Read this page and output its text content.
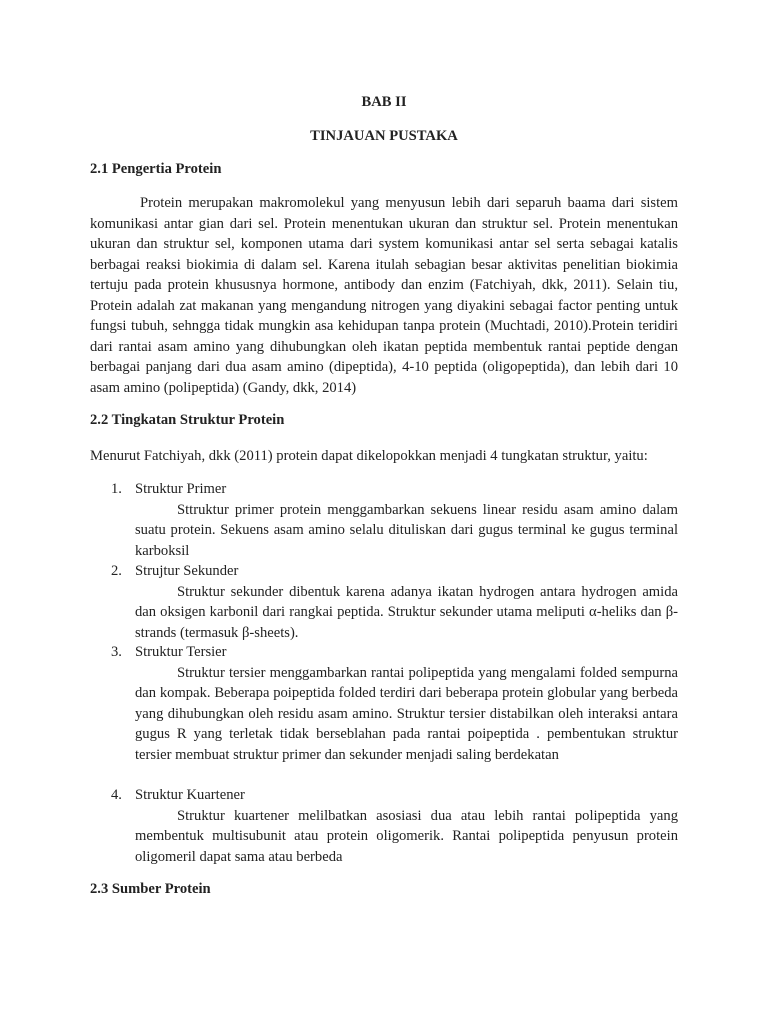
BAB II
TINJAUAN PUSTAKA
2.1 Pengertia Protein

Protein merupakan makromolekul yang menyusun lebih dari separuh baama dari sistem komunikasi antar gian dari sel. Protein menentukan ukuran dan struktur sel. Protein menentukan ukuran dan struktur sel, komponen utama dari system komunikasi antar sel serta sebagai katalis berbagai reaksi biokimia di dalam sel. Karena itulah sebagian besar aktivitas penelitian biokimia tertuju pada protein khususnya hormone, antibody dan enzim (Fatchiyah, dkk, 2011). Selain tiu, Protein adalah zat makanan yang mengandung nitrogen yang diyakini sebagai factor penting untuk fungsi tubuh, sehngga tidak mungkin asa kehidupan tanpa protein (Muchtadi, 2010).Protein teridiri dari rantai asam amino yang dihubungkan oleh ikatan peptida membentuk rantai peptide dengan berbagai panjang dari dua asam amino (dipeptida), 4-10 peptida (oligopeptida), dan lebih dari 10 asam amino (polipeptida) (Gandy, dkk, 2014)

2.2 Tingkatan Struktur Protein
Menurut Fatchiyah, dkk (2011) protein dapat dikelopokkan menjadi 4 tungkatan struktur, yaitu:
1. Struktur Primer

Sttruktur primer protein menggambarkan sekuens linear residu asam amino dalam suatu protein. Sekuens asam amino selalu dituliskan dari gugus terminal ke gugus terminal karboksil

2. Strujtur Sekunder

Struktur sekunder dibentuk karena adanya ikatan hydrogen antara hydrogen amida dan oksigen karbonil dari rangkai peptida. Struktur sekunder utama meliputi α-heliks dan β-strands (termasuk β-sheets).

3. Struktur Tersier

Struktur tersier menggambarkan rantai polipeptida yang mengalami folded sempurna dan kompak. Beberapa poipeptida folded terdiri dari beberapa protein globular yang berbeda yang dihubungkan oleh residu asam amino. Struktur tersier distabilkan oleh interaksi antara gugus R yang terletak tidak berseblahan pada rantai poipeptida . pembentukan struktur tersier membuat struktur primer dan sekunder menjadi saling berdekatan

4. Struktur Kuartener

Struktur kuartener melilbatkan asosiasi dua atau lebih rantai polipeptida yang membentuk multisubunit atau protein oligomerik. Rantai polipeptida penyusun protein oligomeril dapat sama atau berbeda

2.3 Sumber Protein
